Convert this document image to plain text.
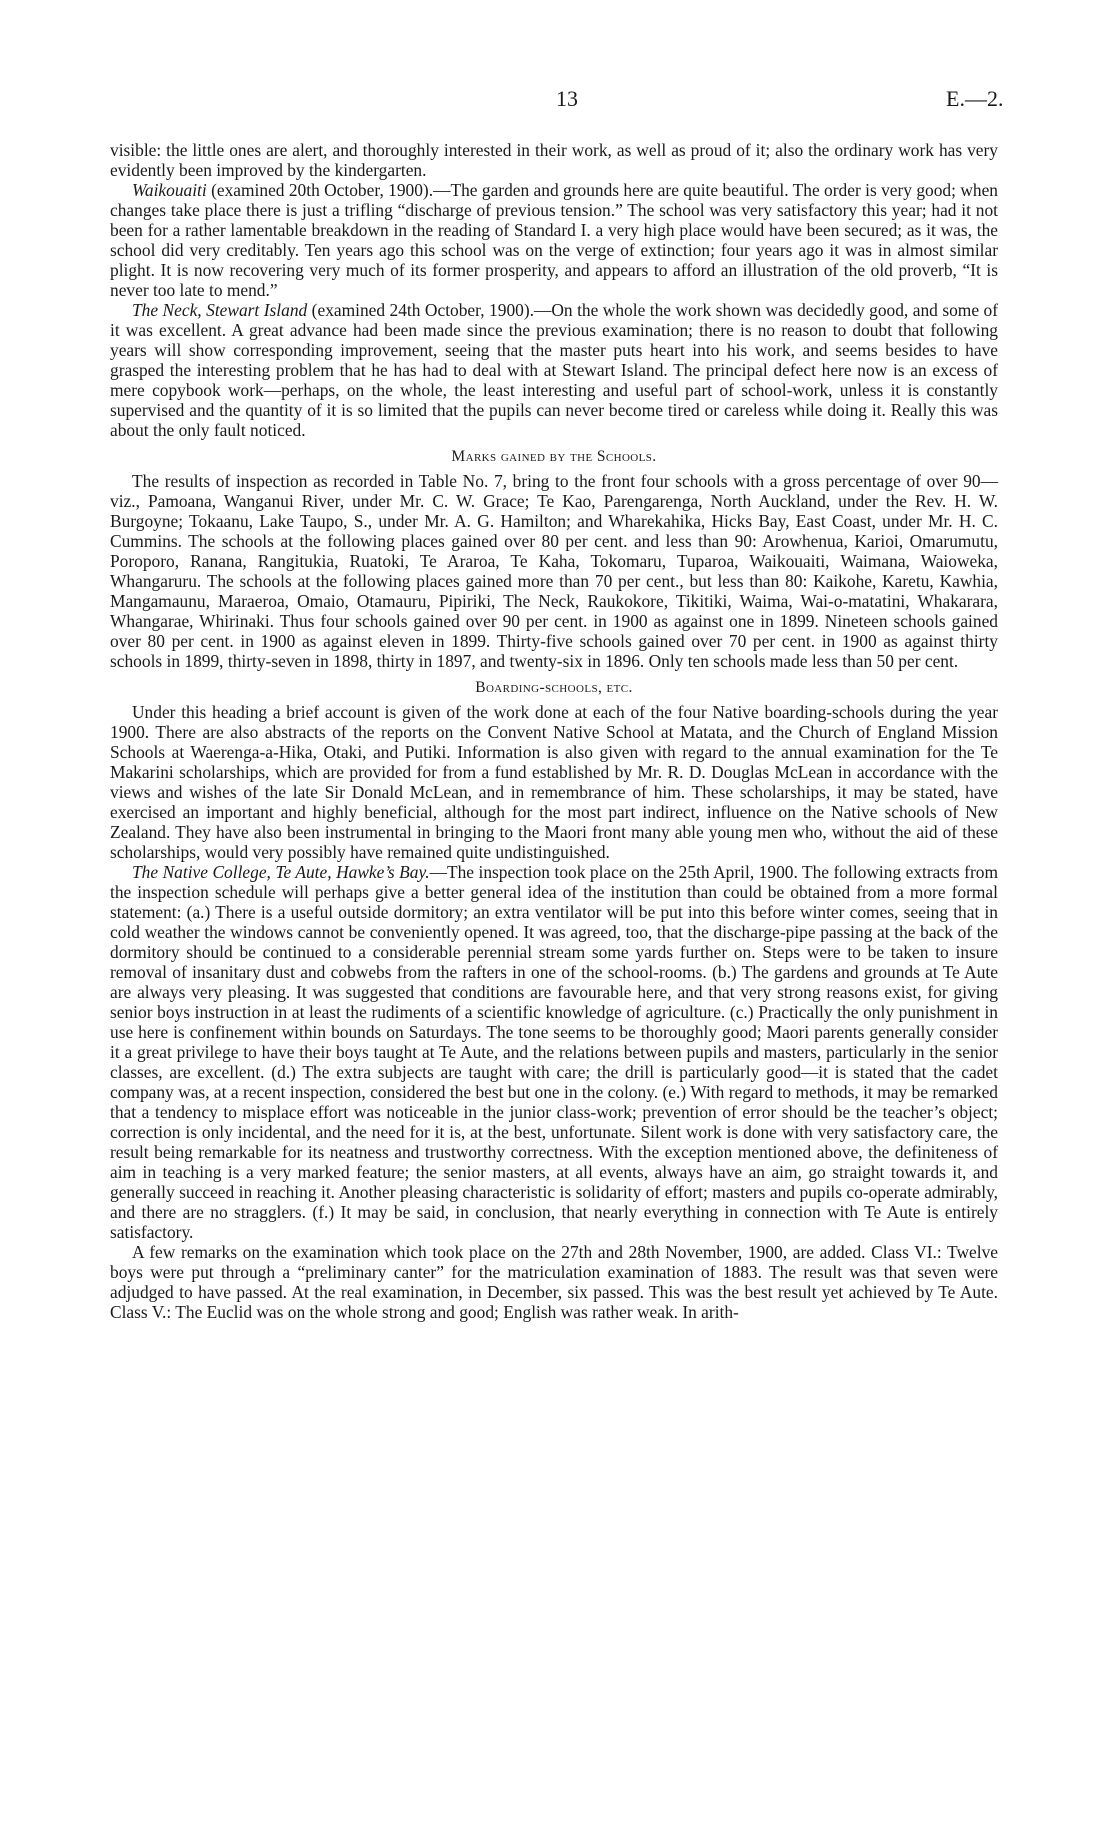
13	E.—2.

visible: the little ones are alert, and thoroughly interested in their work, as well as proud of it; also the ordinary work has very evidently been improved by the kindergarten.

Waikouaiti (examined 20th October, 1900).—The garden and grounds here are quite beautiful. The order is very good; when changes take place there is just a trifling “discharge of previous tension.” The school was very satisfactory this year; had it not been for a rather lamentable breakdown in the reading of Standard I. a very high place would have been secured; as it was, the school did very creditably. Ten years ago this school was on the verge of extinction; four years ago it was in almost similar plight. It is now recovering very much of its former prosperity, and appears to afford an illustration of the old proverb, “It is never too late to mend.”

The Neck, Stewart Island (examined 24th October, 1900).—On the whole the work shown was decidedly good, and some of it was excellent. A great advance had been made since the previous examination; there is no reason to doubt that following years will show corresponding improvement, seeing that the master puts heart into his work, and seems besides to have grasped the interesting problem that he has had to deal with at Stewart Island. The principal defect here now is an excess of mere copybook work—perhaps, on the whole, the least interesting and useful part of school-work, unless it is constantly supervised and the quantity of it is so limited that the pupils can never become tired or careless while doing it. Really this was about the only fault noticed.

Marks gained by the Schools.

The results of inspection as recorded in Table No. 7, bring to the front four schools with a gross percentage of over 90—viz., Pamoana, Wanganui River, under Mr. C. W. Grace; Te Kao, Parengarenga, North Auckland, under the Rev. H. W. Burgoyne; Tokaanu, Lake Taupo, S., under Mr. A. G. Hamilton; and Wharekahika, Hicks Bay, East Coast, under Mr. H. C. Cummins. The schools at the following places gained over 80 per cent. and less than 90: Arowhenua, Karioi, Omarumutu, Poroporo, Ranana, Rangitukia, Ruatoki, Te Araroa, Te Kaha, Tokomaru, Tuparoa, Waikouaiti, Waimana, Waioweka, Whangaruru. The schools at the following places gained more than 70 per cent., but less than 80: Kaikohe, Karetu, Kawhia, Mangamaunu, Maraeroa, Omaio, Otamauru, Pipiriki, The Neck, Raukokore, Tikitiki, Waima, Wai-o-matatini, Whakarara, Whangarae, Whirinaki. Thus four schools gained over 90 per cent. in 1900 as against one in 1899. Nineteen schools gained over 80 per cent. in 1900 as against eleven in 1899. Thirty-five schools gained over 70 per cent. in 1900 as against thirty schools in 1899, thirty-seven in 1898, thirty in 1897, and twenty-six in 1896. Only ten schools made less than 50 per cent.

Boarding-schools, etc.

Under this heading a brief account is given of the work done at each of the four Native boarding-schools during the year 1900. There are also abstracts of the reports on the Convent Native School at Matata, and the Church of England Mission Schools at Waerenga-a-Hika, Otaki, and Putiki. Information is also given with regard to the annual examination for the Te Makarini scholarships, which are provided for from a fund established by Mr. R. D. Douglas McLean in accordance with the views and wishes of the late Sir Donald McLean, and in remembrance of him. These scholarships, it may be stated, have exercised an important and highly beneficial, although for the most part indirect, influence on the Native schools of New Zealand. They have also been instrumental in bringing to the Maori front many able young men who, without the aid of these scholarships, would very possibly have remained quite undistinguished.

The Native College, Te Aute, Hawke’s Bay.—The inspection took place on the 25th April, 1900. The following extracts from the inspection schedule will perhaps give a better general idea of the institution than could be obtained from a more formal statement: (a.) There is a useful outside dormitory; an extra ventilator will be put into this before winter comes, seeing that in cold weather the windows cannot be conveniently opened. It was agreed, too, that the discharge-pipe passing at the back of the dormitory should be continued to a considerable perennial stream some yards further on. Steps were to be taken to insure removal of insanitary dust and cobwebs from the rafters in one of the school-rooms. (b.) The gardens and grounds at Te Aute are always very pleasing. It was suggested that conditions are favourable here, and that very strong reasons exist, for giving senior boys instruction in at least the rudiments of a scientific knowledge of agriculture. (c.) Practically the only punishment in use here is confinement within bounds on Saturdays. The tone seems to be thoroughly good; Maori parents generally consider it a great privilege to have their boys taught at Te Aute, and the relations between pupils and masters, particularly in the senior classes, are excellent. (d.) The extra subjects are taught with care; the drill is particularly good—it is stated that the cadet company was, at a recent inspection, considered the best but one in the colony. (e.) With regard to methods, it may be remarked that a tendency to misplace effort was noticeable in the junior class-work; prevention of error should be the teacher’s object; correction is only incidental, and the need for it is, at the best, unfortunate. Silent work is done with very satisfactory care, the result being remarkable for its neatness and trustworthy correctness. With the exception mentioned above, the definiteness of aim in teaching is a very marked feature; the senior masters, at all events, always have an aim, go straight towards it, and generally succeed in reaching it. Another pleasing characteristic is solidarity of effort; masters and pupils co-operate admirably, and there are no stragglers. (f.) It may be said, in conclusion, that nearly everything in connection with Te Aute is entirely satisfactory.

A few remarks on the examination which took place on the 27th and 28th November, 1900, are added. Class VI.: Twelve boys were put through a “preliminary canter” for the matriculation examination of 1883. The result was that seven were adjudged to have passed. At the real examination, in December, six passed. This was the best result yet achieved by Te Aute. Class V.: The Euclid was on the whole strong and good; English was rather weak. In arith-
